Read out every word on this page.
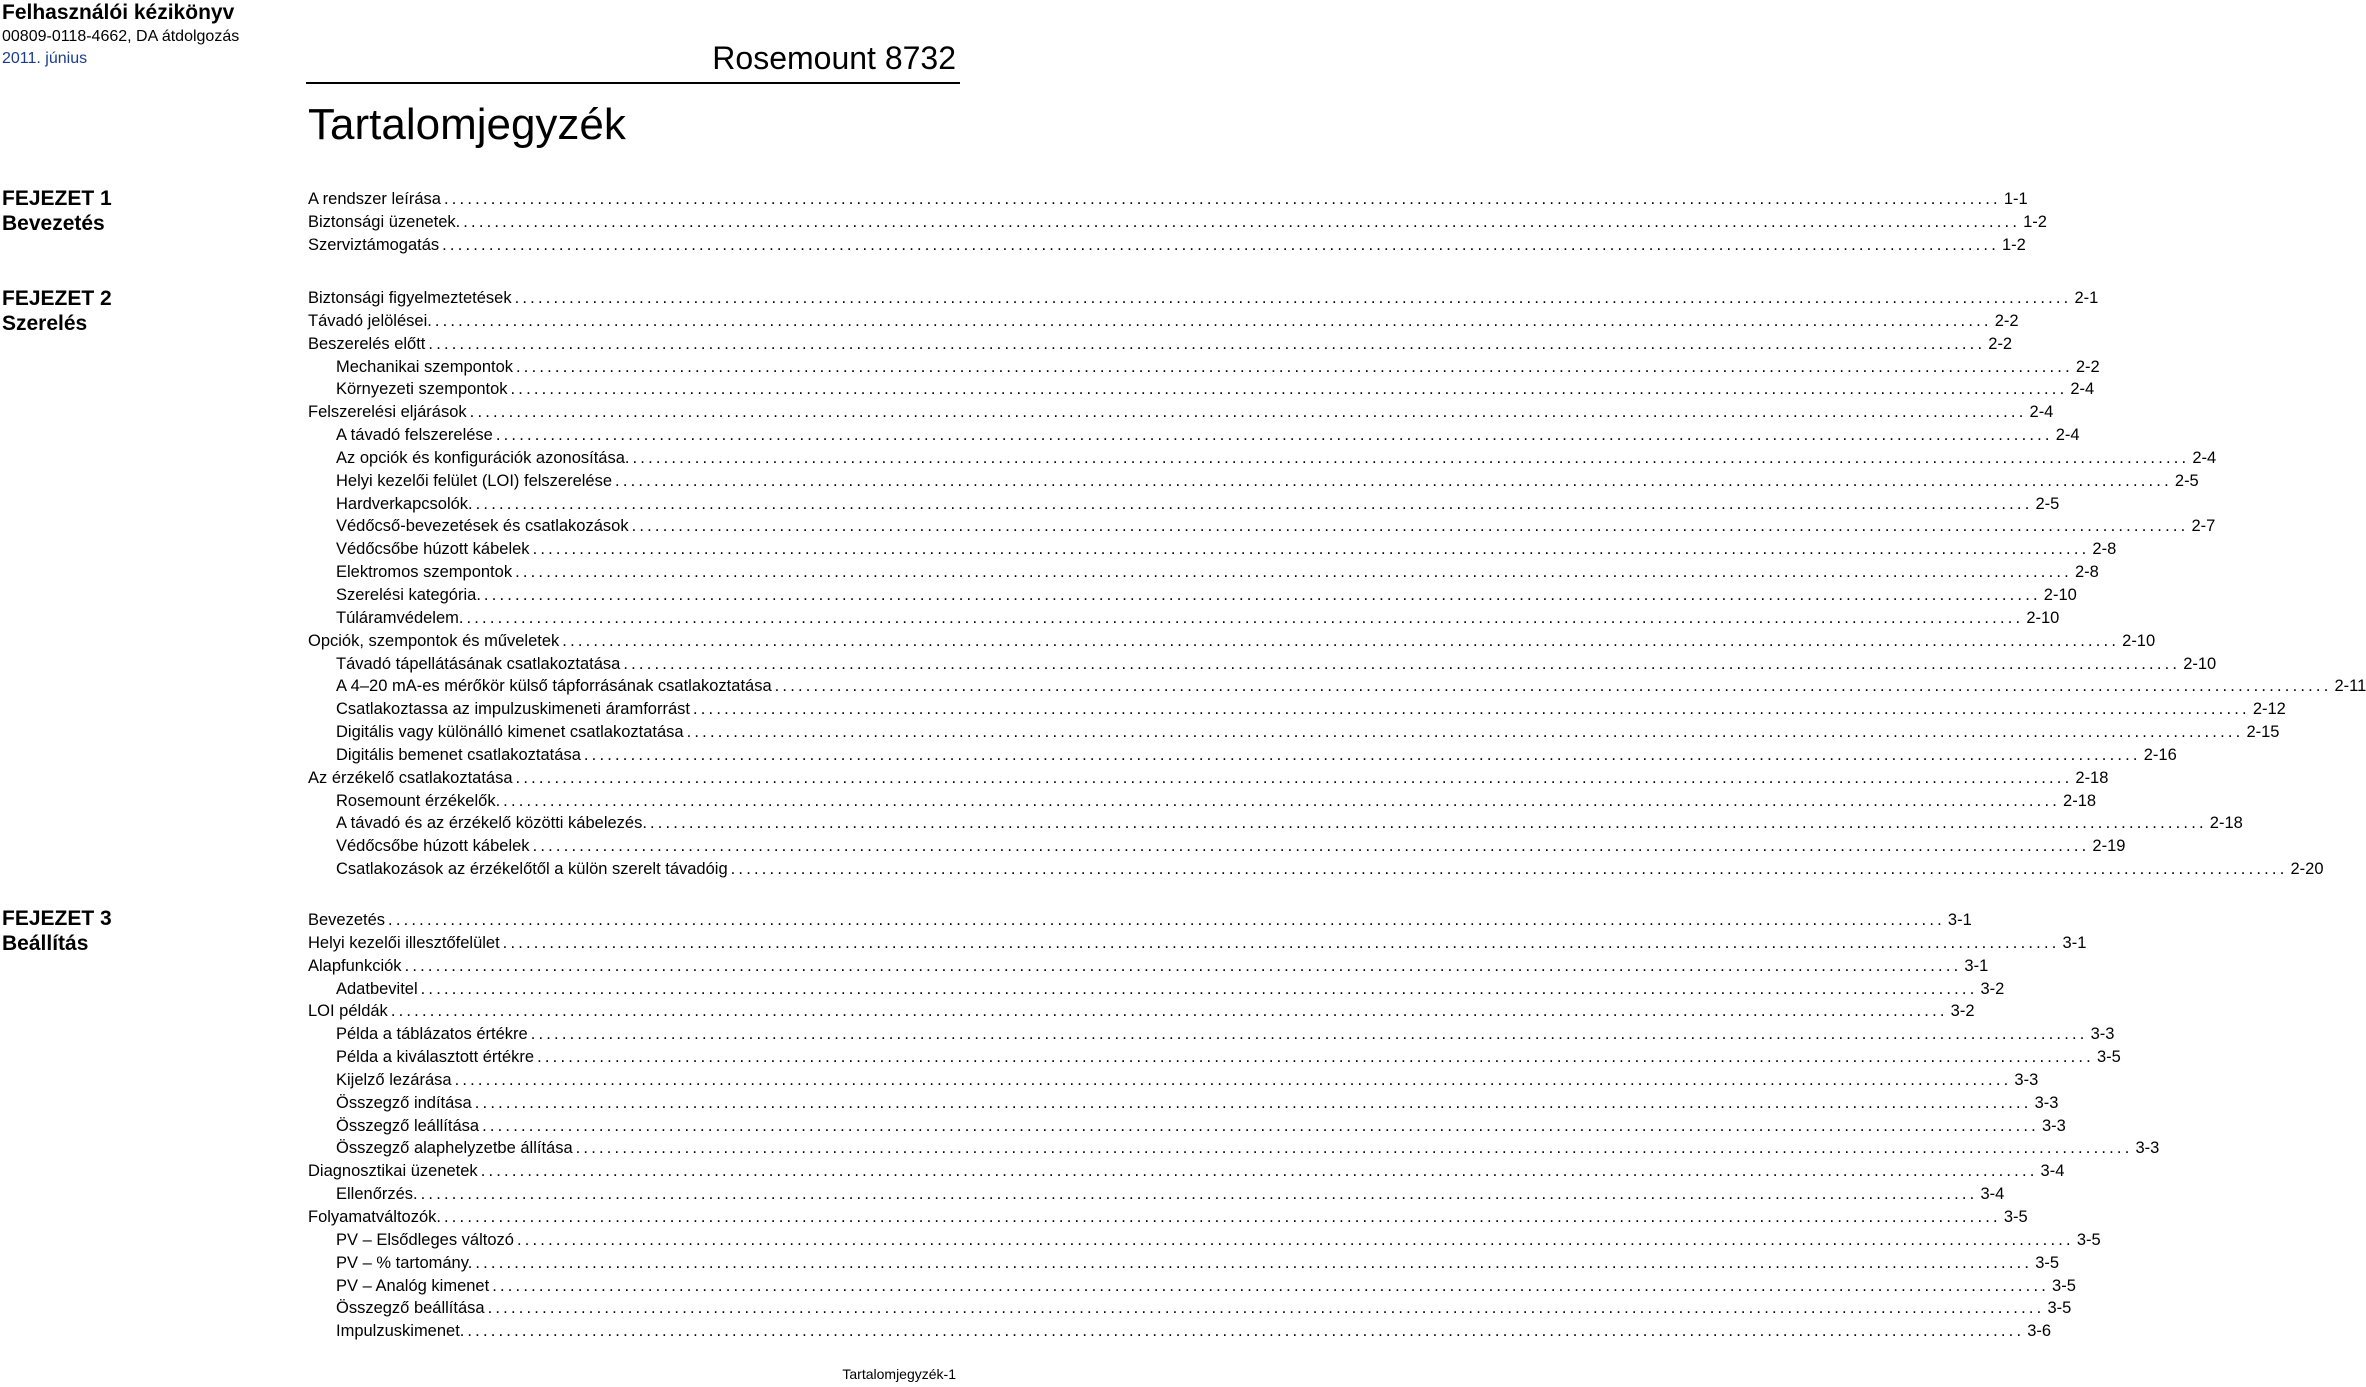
Felhasználói kézikönyv
00809-0118-4662, DA átdolgozás
2011. június	Rosemount 8732
Tartalomjegyzék
FEJEZET 1
Bevezetés
A rendszer leírása ........................................................................................................................................................................................................ 1-1
Biztonsági üzenetek. ........................................................................................................................................................................................................ 1-2
Szerviztámogatás ........................................................................................................................................................................................................ 1-2
FEJEZET 2
Szerelés
Biztonsági figyelmeztetések ........................................................................................................................................................................................................ 2-1
Távadó jelölései. ........................................................................................................................................................................................................ 2-2
Beszerelés előtt ........................................................................................................................................................................................................ 2-2
Mechanikai szempontok ........................................................................................................................................................................................................ 2-2
Környezeti szempontok ........................................................................................................................................................................................................ 2-4
Felszerelési eljárások ........................................................................................................................................................................................................ 2-4
A távadó felszerelése ........................................................................................................................................................................................................ 2-4
Az opciók és konfigurációk azonosítása. ........................................................................................................................................................................................................ 2-4
Helyi kezelői felület (LOI) felszerelése ........................................................................................................................................................................................................ 2-5
Hardverkapcsolók. ........................................................................................................................................................................................................ 2-5
Védőcső-bevezetések és csatlakozások ........................................................................................................................................................................................................ 2-7
Védőcsőbe húzott kábelek ........................................................................................................................................................................................................ 2-8
Elektromos szempontok ........................................................................................................................................................................................................ 2-8
Szerelési kategória. ........................................................................................................................................................................................................ 2-10
Túláramvédelem. ........................................................................................................................................................................................................ 2-10
Opciók, szempontok és műveletek ........................................................................................................................................................................................................ 2-10
Távadó tápellátásának csatlakoztatása ........................................................................................................................................................................................................ 2-10
A 4–20 mA-es mérőkör külső tápforrásának csatlakoztatása ........................................................................................................................................................................................................ 2-11
Csatlakoztassa az impulzuskimeneti áramforrást ........................................................................................................................................................................................................ 2-12
Digitális vagy különálló kimenet csatlakoztatása ........................................................................................................................................................................................................ 2-15
Digitális bemenet csatlakoztatása ........................................................................................................................................................................................................ 2-16
Az érzékelő csatlakoztatása ........................................................................................................................................................................................................ 2-18
Rosemount érzékelők. ........................................................................................................................................................................................................ 2-18
A távadó és az érzékelő közötti kábelezés. ........................................................................................................................................................................................................ 2-18
Védőcsőbe húzott kábelek ........................................................................................................................................................................................................ 2-19
Csatlakozások az érzékelőtől a külön szerelt távadóig ........................................................................................................................................................................................................ 2-20
FEJEZET 3
Beállítás
Bevezetés ........................................................................................................................................................................................................ 3-1
Helyi kezelői illesztőfelület ........................................................................................................................................................................................................ 3-1
Alapfunkciók ........................................................................................................................................................................................................ 3-1
Adatbevitel ........................................................................................................................................................................................................ 3-2
LOI példák ........................................................................................................................................................................................................ 3-2
Példa a táblázatos értékre ........................................................................................................................................................................................................ 3-3
Példa a kiválasztott értékre ........................................................................................................................................................................................................ 3-5
Kijelző lezárása ........................................................................................................................................................................................................ 3-3
Összegző indítása ........................................................................................................................................................................................................ 3-3
Összegző leállítása ........................................................................................................................................................................................................ 3-3
Összegző alaphelyzetbe állítása ........................................................................................................................................................................................................ 3-3
Diagnosztikai üzenetek ........................................................................................................................................................................................................ 3-4
Ellenőrzés. ........................................................................................................................................................................................................ 3-4
Folyamatváltozók. ........................................................................................................................................................................................................ 3-5
PV – Elsődleges változó ........................................................................................................................................................................................................ 3-5
PV – % tartomány. ........................................................................................................................................................................................................ 3-5
PV – Analóg kimenet ........................................................................................................................................................................................................ 3-5
Összegző beállítása ........................................................................................................................................................................................................ 3-5
Impulzuskimenet. ........................................................................................................................................................................................................ 3-6
Tartalomjegyzék-1
